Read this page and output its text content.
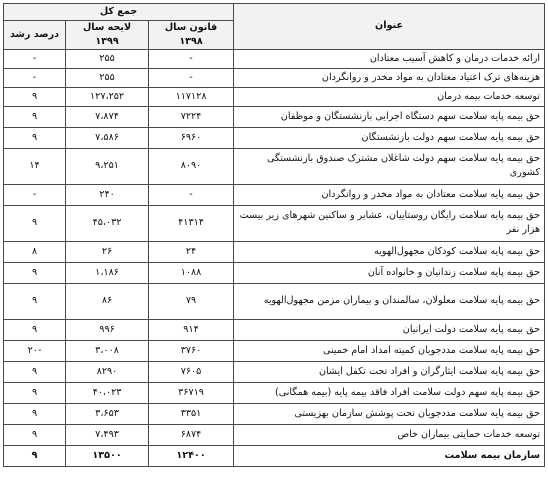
عنوان	جمع کل		
	قانون سال ۱۳۹۸	لایحه سال ۱۳۹۹	درصد رشد
ارائه خدمات درمان و کاهش آسیب معتادان	-	۲۵۵	-
هزینه‌های ترک اعتیاد معتادان به مواد مخدر و روانگردان	-	۲۵۵	-
توسعه خدمات بیمه درمان	۱۱۷۱۲۸	۱۲۷،۲۵۲	۹
حق بیمه پایه سلامت سهم دستگاه اجرایی بازنشستگان و موظفان	۷۲۲۴	۷،۸۷۴	۹
حق بیمه پایه سلامت سهم دولت بازنشستگان	۶۹۶۰	۷،۵۸۶	۹
حق بیمه پایه سلامت سهم دولت شاغلان مشترک صندوق بازنشستگی کشوری	۸۰۹۰	۹،۲۵۱	۱۴
حق بیمه پایه سلامت معتادان به مواد مخدر و روانگردان	-	۲۴۰	-
حق بیمه پایه سلامت رایگان روستاییان، عشایر و ساکنین شهرهای زیر بیست هزار نفر	۴۱۳۱۴	۴۵،۰۳۲	۹
حق بیمه پایه سلامت کودکان مجهول‌الهویه	۲۴	۲۶	۸
حق بیمه پایه سلامت زندانیان و خانواده آنان	۱۰۸۸	۱،۱۸۶	۹
حق بیمه پایه سلامت معلولان، سالمندان و بیماران مزمن مجهول‌الهویه	۷۹	۸۶	۹
حق بیمه پایه سلامت دولت ایرانیان	۹۱۴	۹۹۶	۹
حق بیمه پایه سلامت مددجویان کمیته امداد امام خمینی	۳۷۶۰	۳،۰۰۸	-۲۰
حق بیمه پایه سلامت ایثارگران و افراد تحت تکفل ایشان	۷۶۰۵	۸۲۹۰	۹
حق بیمه پایه سهم دولت سلامت افراد فاقد بیمه پایه (بیمه همگانی)	۳۶۷۱۹	۴۰،۰۲۳	۹
حق بیمه پایه سلامت مددجویان تحت پوشش سازمان بهزیستی	۳۳۵۱	۳،۶۵۳	۹
توسعه خدمات حمایتی بیماران خاص	۶۸۷۴	۷،۴۹۳	۹
سازمان بیمه سلامت	۱۲۴۰۰	۱۳۵۰۰	۹
